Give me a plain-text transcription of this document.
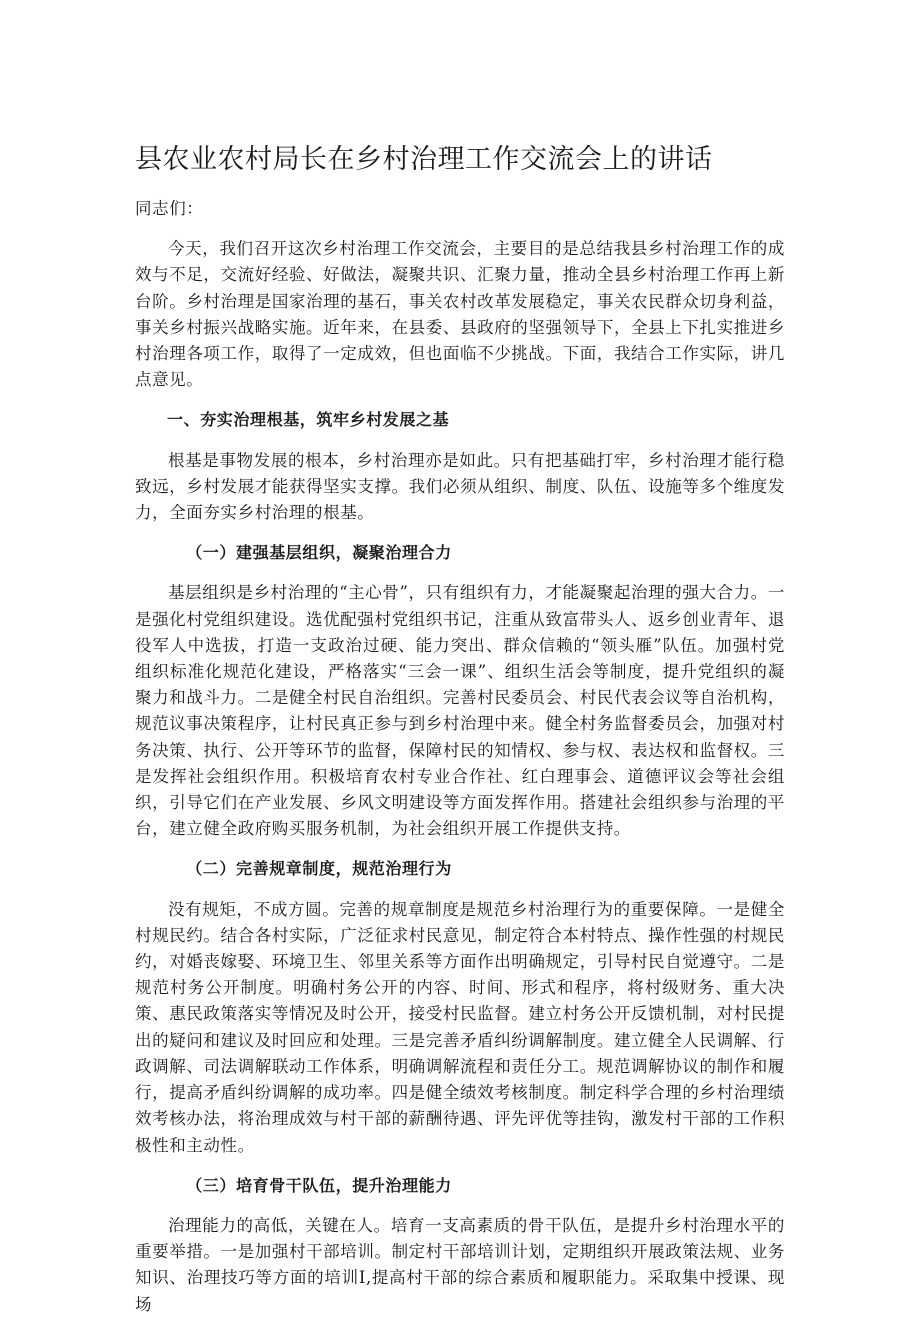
县农业农村局长在乡村治理工作交流会上的讲话

同志们：

今天，我们召开这次乡村治理工作交流会，主要目的是总结我县乡村治理工作的成效与不足，交流好经验、好做法，凝聚共识、汇聚力量，推动全县乡村治理工作再上新台阶。乡村治理是国家治理的基石，事关农村改革发展稳定，事关农民群众切身利益，事关乡村振兴战略实施。近年来，在县委、县政府的坚强领导下，全县上下扎实推进乡村治理各项工作，取得了一定成效，但也面临不少挑战。下面，我结合工作实际，讲几点意见。

一、夯实治理根基，筑牢乡村发展之基

根基是事物发展的根本，乡村治理亦是如此。只有把基础打牢，乡村治理才能行稳致远，乡村发展才能获得坚实支撑。我们必须从组织、制度、队伍、设施等多个维度发力，全面夯实乡村治理的根基。

（一）建强基层组织，凝聚治理合力

基层组织是乡村治理的“主心骨”，只有组织有力，才能凝聚起治理的强大合力。一是强化村党组织建设。选优配强村党组织书记，注重从致富带头人、返乡创业青年、退役军人中选拔，打造一支政治过硬、能力突出、群众信赖的“领头雁”队伍。加强村党组织标准化规范化建设，严格落实“三会一课”、组织生活会等制度，提升党组织的凝聚力和战斗力。二是健全村民自治组织。完善村民委员会、村民代表会议等自治机构，规范议事决策程序，让村民真正参与到乡村治理中来。健全村务监督委员会，加强对村务决策、执行、公开等环节的监督，保障村民的知情权、参与权、表达权和监督权。三是发挥社会组织作用。积极培育农村专业合作社、红白理事会、道德评议会等社会组织，引导它们在产业发展、乡风文明建设等方面发挥作用。搭建社会组织参与治理的平台，建立健全政府购买服务机制，为社会组织开展工作提供支持。

（二）完善规章制度，规范治理行为

没有规矩，不成方圆。完善的规章制度是规范乡村治理行为的重要保障。一是健全村规民约。结合各村实际，广泛征求村民意见，制定符合本村特点、操作性强的村规民约，对婚丧嫁娶、环境卫生、邻里关系等方面作出明确规定，引导村民自觉遵守。二是规范村务公开制度。明确村务公开的内容、时间、形式和程序，将村级财务、重大决策、惠民政策落实等情况及时公开，接受村民监督。建立村务公开反馈机制，对村民提出的疑问和建议及时回应和处理。三是完善矛盾纠纷调解制度。建立健全人民调解、行政调解、司法调解联动工作体系，明确调解流程和责任分工。规范调解协议的制作和履行，提高矛盾纠纷调解的成功率。四是健全绩效考核制度。制定科学合理的乡村治理绩效考核办法，将治理成效与村干部的薪酬待遇、评先评优等挂钩，激发村干部的工作积极性和主动性。

（三）培育骨干队伍，提升治理能力

治理能力的高低，关键在人。培育一支高素质的骨干队伍，是提升乡村治理水平的重要举措。一是加强村干部培训。制定村干部培训计划，定期组织开展政策法规、业务知识、治理技巧等方面的培训I,提高村干部的综合素质和履职能力。采取集中授课、现场
